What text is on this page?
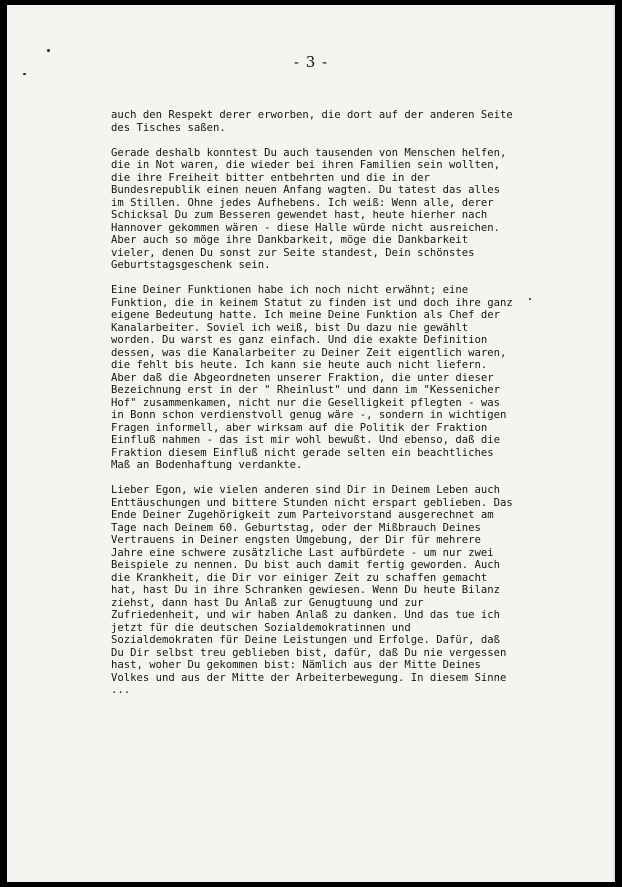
- 3 -
auch den Respekt derer erworben, die dort auf der anderen Seite
des Tisches saßen.
Gerade deshalb konntest Du auch tausenden von Menschen helfen,
die in Not waren, die wieder bei ihren Familien sein wollten,
die ihre Freiheit bitter entbehrten und die in der
Bundesrepublik einen neuen Anfang wagten. Du tatest das alles
im Stillen. Ohne jedes Aufhebens. Ich weiß: Wenn alle, derer
Schicksal Du zum Besseren gewendet hast, heute hierher nach
Hannover gekommen wären - diese Halle würde nicht ausreichen.
Aber auch so möge ihre Dankbarkeit, möge die Dankbarkeit
vieler, denen Du sonst zur Seite standest, Dein schönstes
Geburtstagsgeschenk sein.
Eine Deiner Funktionen habe ich noch nicht erwähnt; eine
Funktion, die in keinem Statut zu finden ist und doch ihre ganz
eigene Bedeutung hatte. Ich meine Deine Funktion als Chef der
Kanalarbeiter. Soviel ich weiß, bist Du dazu nie gewählt
worden. Du warst es ganz einfach. Und die exakte Definition
dessen, was die Kanalarbeiter zu Deiner Zeit eigentlich waren,
die fehlt bis heute. Ich kann sie heute auch nicht liefern.
Aber daß die Abgeordneten unserer Fraktion, die unter dieser
Bezeichnung erst in der " Rheinlust" und dann im "Kessenicher
Hof" zusammenkamen, nicht nur die Geselligkeit pflegten - was
in Bonn schon verdienstvoll genug wäre -, sondern in wichtigen
Fragen informell, aber wirksam auf die Politik der Fraktion
Einfluß nahmen - das ist mir wohl bewußt. Und ebenso, daß die
Fraktion diesem Einfluß nicht gerade selten ein beachtliches
Maß an Bodenhaftung verdankte.
Lieber Egon, wie vielen anderen sind Dir in Deinem Leben auch
Enttäuschungen und bittere Stunden nicht erspart geblieben. Das
Ende Deiner Zugehörigkeit zum Parteivorstand ausgerechnet am
Tage nach Deinem 60. Geburtstag, oder der Mißbrauch Deines
Vertrauens in Deiner engsten Umgebung, der Dir für mehrere
Jahre eine schwere zusätzliche Last aufbürdete - um nur zwei
Beispiele zu nennen. Du bist auch damit fertig geworden. Auch
die Krankheit, die Dir vor einiger Zeit zu schaffen gemacht
hat, hast Du in ihre Schranken gewiesen. Wenn Du heute Bilanz
ziehst, dann hast Du Anlaß zur Genugtuung und zur
Zufriedenheit, und wir haben Anlaß zu danken. Und das tue ich
jetzt für die deutschen Sozialdemokratinnen und
Sozialdemokraten für Deine Leistungen und Erfolge. Dafür, daß
Du Dir selbst treu geblieben bist, dafür, daß Du nie vergessen
hast, woher Du gekommen bist: Nämlich aus der Mitte Deines
Volkes und aus der Mitte der Arbeiterbewegung. In diesem Sinne
...
